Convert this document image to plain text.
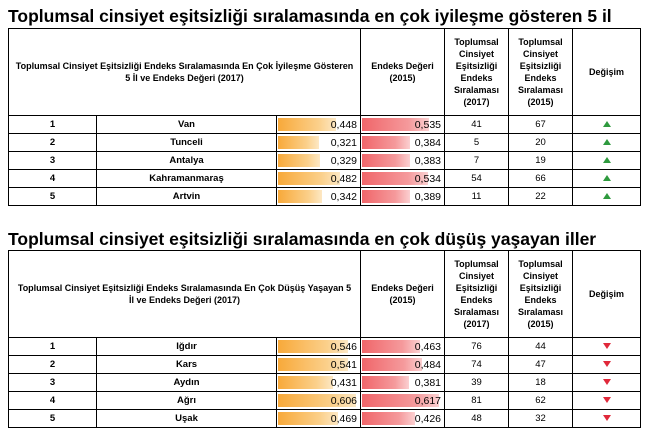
Toplumsal cinsiyet eşitsizliği sıralamasında en çok iyileşme gösteren 5 il
Toplumsal Cinsiyet Eşitsizliği Endeks Sıralamasında En Çok İyileşme Gösteren 5 İl ve Endeks Değeri (2017)			Endeks Değeri (2015)	Toplumsal Cinsiyet Eşitsizliği Endeks Sıralaması (2017)	Toplumsal Cinsiyet Eşitsizliği Endeks Sıralaması (2015)	Değişim
1	Van	0,448	0,535	41	67	
2	Tunceli	0,321	0,384	5	20	
3	Antalya	0,329	0,383	7	19	
4	Kahramanmaraş	0,482	0,534	54	66	
5	Artvin	0,342	0,389	11	22	
Toplumsal cinsiyet eşitsizliği sıralamasında en çok düşüş yaşayan iller
Toplumsal Cinsiyet Eşitsizliği Endeks Sıralamasında En Çok Düşüş Yaşayan 5 İl ve Endeks Değeri (2017)			Endeks Değeri (2015)	Toplumsal Cinsiyet Eşitsizliği Endeks Sıralaması (2017)	Toplumsal Cinsiyet Eşitsizliği Endeks Sıralaması (2015)	Değişim
1	Iğdır	0,546	0,463	76	44	
2	Kars	0,541	0,484	74	47	
3	Aydın	0,431	0,381	39	18	
4	Ağrı	0,606	0,617	81	62	
5	Uşak	0,469	0,426	48	32	
